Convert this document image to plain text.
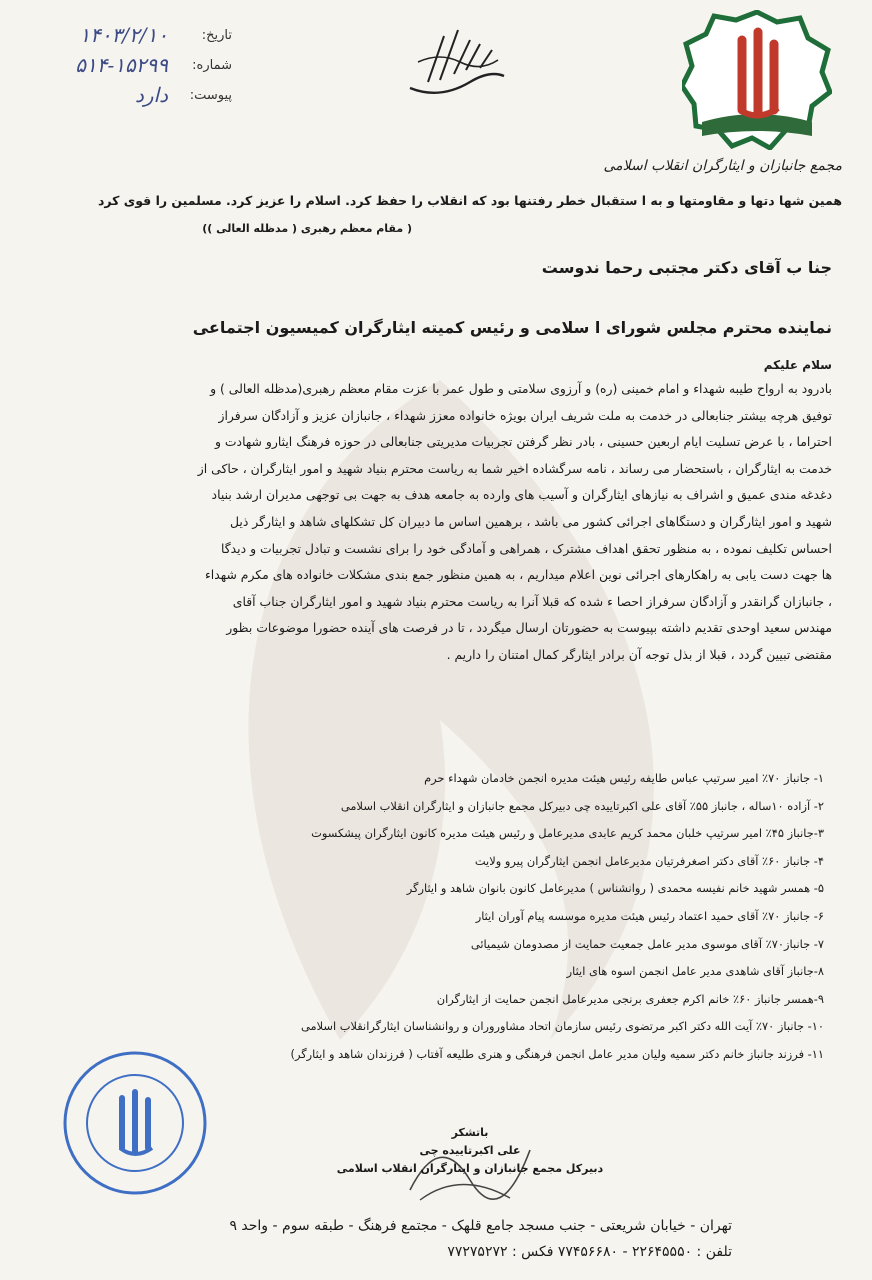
مجمع جانبازان و ایثارگران انقلاب اسلامی
تاریخ:
۱۴۰۳/۲/۱۰
شماره:
۵۱۴-۱۵۲۹۹
پیوست:
دارد
همین شها دتها و مقاومتها و به ا ستقبال خطر رفتنها بود که انقلاب را حفظ کرد. اسلام را عزیز کرد. مسلمین را قوی کرد
( مقام معظم رهبری ( مدظله العالی ))
جنا ب آقای دکتر مجتبی رحما ندوست
نماینده محترم مجلس شورای ا سلامی و رئیس کمیته ایثارگران کمیسیون اجتماعی
سلام علیکم

بادرود به ارواح طیبه شهداء و امام خمینی (ره) و آرزوی سلامتی و طول عمر با عزت مقام معظم رهبری(مدظله العالی ) و

توفیق هرچه بیشتر جنابعالی در خدمت به ملت شریف ایران بویژه خانواده معزز شهداء ، جانبازان عزیز و آزادگان سرفراز

احتراما ، با عرض تسلیت ایام اربعین حسینی ، بادر نظر گرفتن تجربیات مدیریتی جنابعالی در حوزه فرهنگ ایثارو شهادت و

خدمت به ایثارگران ، باستحضار می رساند ، نامه سرگشاده اخیر شما به ریاست محترم بنیاد شهید و امور ایثارگران ، حاکی از

دغدغه مندی عمیق و اشراف به نیازهای ایثارگران و آسیب های وارده به جامعه هدف به جهت بی توجهی مدیران ارشد بنیاد

شهید و امور ایثارگران و دستگاهای اجرائی کشور می باشد ، برهمین اساس ما دبیران کل تشکلهای شاهد و ایثارگر ذیل

احساس تکلیف نموده ، به منظور تحقق اهداف مشترک ، همراهی و آمادگی خود را برای نشست و تبادل تجربیات و دیدگا

ها جهت دست یابی به راهکارهای اجرائی نوین اعلام میداریم ، به همین منظور جمع بندی مشکلات خانواده های مکرم شهداء

، جانبازان گرانقدر و آزادگان سرفراز احصا ء شده که قبلا آنرا به ریاست محترم بنیاد شهید و امور ایثارگران جناب آقای

مهندس سعید اوحدی تقدیم داشته بپیوست به حضورتان ارسال میگردد ، تا در فرصت های آینده حضورا موضوعات بظور

مقتضی تبیین گردد ، قبلا از بذل توجه آن برادر ایثارگر کمال امتنان را داریم .

۱- جانباز ۷۰٪ امیر سرتیپ عباس طایفه رئیس هیئت مدیره انجمن خادمان شهداء حرم
۲- آزاده ۱۰ساله ، جانباز ۵۵٪ آقای علی اکبرتاییده چی دبیرکل مجمع جانبازان و ایثارگران انقلاب اسلامی
۳-جانباز ۴۵٪ امیر سرتیپ خلبان محمد کریم عابدی مدیرعامل و رئیس هیئت مدیره کانون ایثارگران پیشکسوت
۴- جانباز ۶۰٪ آقای دکتر اصغرفرتیان مدیرعامل انجمن ایثارگران پیرو ولایت
۵- همسر شهید خانم نفیسه محمدی ( روانشناس ) مدیرعامل کانون بانوان شاهد و ایثارگر
۶- جانباز ۷۰٪ آقای حمید اعتماد رئیس هیئت مدیره موسسه پیام آوران ایثار
۷- جانباز۷۰٪ آقای موسوی مدیر عامل جمعیت حمایت از مصدومان شیمیائی
۸-جانباز آقای شاهدی مدیر عامل انجمن اسوه های ایثار
۹-همسر جانباز ۶۰٪ خانم اکرم جعفری برنجی مدیرعامل انجمن حمایت از ایثارگران
۱۰- جانباز ۷۰٪ آیت الله دکتر اکبر مرتضوی رئیس سازمان اتحاد مشاوروران و روانشناسان ایثارگرانقلاب اسلامی
۱۱- فرزند جانباز خانم دکتر سمیه ولیان مدیر عامل انجمن فرهنگی و هنری طلیعه آفتاب ( فرزندان شاهد و ایثارگر)
باتشکر
علی اکبرتاییده چی
دبیرکل مجمع جانبازان و ایثارگران انقلاب اسلامی
تهران - خیابان شریعتی - جنب مسجد جامع قلهک - مجتمع فرهنگ - طبقه سوم - واحد ۹
تلفن : ۲۲۶۴۵۵۵۰ - ۷۷۴۵۶۶۸۰ فکس : ۷۷۲۷۵۲۷۲
